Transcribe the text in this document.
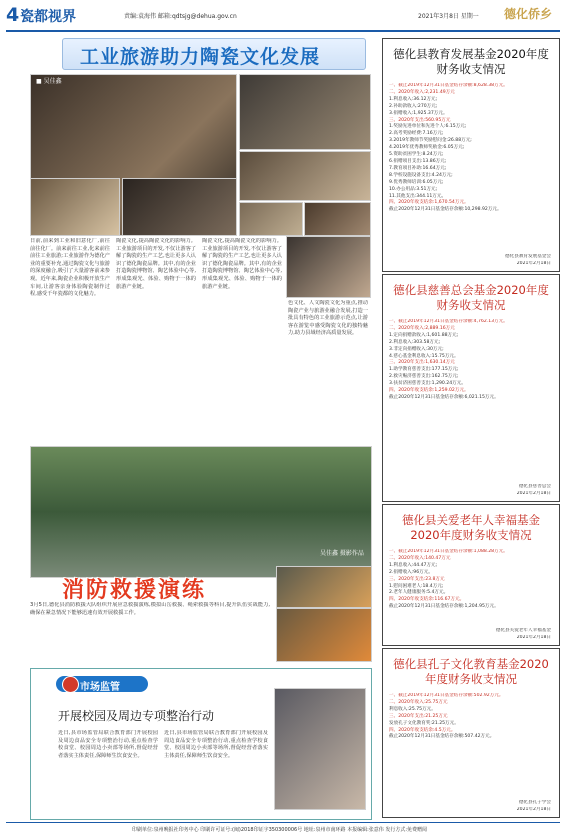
4 瓷都视界	责编:袁海伟 邮箱:qdtsjg@dehua.gov.cn	2021年3月8日 星期一 德化侨乡
工业旅游助力陶瓷文化发展
■ 吴佳鑫
日前,前来到工业和旧意化厂,前往前往化厂。前来前往工业,化来前往前往工业旅游;工业旅游作为德化产业的重要补充,通过陶瓷文化与旅游的深度融合,吸引了大量游客前来参观。近年来,陶瓷企业积极开放生产车间,让游客亲身体验陶瓷制作过程,感受千年瓷都的文化魅力。
陶瓷文化,提高陶瓷文化的影响力。工业旅游项目的开发,不仅让游客了解了陶瓷的生产工艺,也让更多人认识了德化陶瓷品牌。其中,有的企业打造陶瓷博物馆、陶艺体验中心等,形成集观光、体验、购物于一体的旅游产业链。
陶瓷文化,提高陶瓷文化的影响力。工业旅游项目的开发,不仅让游客了解了陶瓷的生产工艺,也让更多人认识了德化陶瓷品牌。其中,有的企业打造陶瓷博物馆、陶艺体验中心等,形成集观光、体验、购物于一体的旅游产业链。
色文化、人文陶瓷文化为重点,推动陶瓷产业与旅游业融合发展,打造一批具有特色的工业旅游示范点,让游客在游览中感受陶瓷文化的独特魅力,助力县域经济高质量发展。
吴佳鑫 摄影作品
消防救援演练
3月5日,德化县消防救援大队组织开展应急救援演练,模拟山岳救援、绳索救援等科目,提升队伍实战能力,确保在紧急情况下能够迅速有效开展救援工作。
市场监管
开展校园及周边专项整治行动
近日,县市场监管局联合教育部门开展校园及周边食品安全专项整治行动,重点检查学校食堂、校园周边小卖部等场所,督促经营者落实主体责任,保障师生饮食安全。
近日,县市场监管局联合教育部门开展校园及周边食品安全专项整治行动,重点检查学校食堂、校园周边小卖部等场所,督促经营者落实主体责任,保障师生饮食安全。
德化县教育发展基金2020年度财务收支情况
一、截止2019年12月31日基金结存余额:8,628.38万元。
二、2020年收入:2,231.49万元
1.利息收入:36.12万元;
2.补助款收入:270万元;
3.捐赠收入:1,925.37万元。
三、2020年支出:560.95万元
1.奖励先进单位和先进个人:6.15万元;
2.高考奖励经费:7.16万元;
3.2019年教师节奖励慰问金:26.88万元;
4.2019年优秀教师奖励金:6.05万元;
5.资助贫困学生:8.24万元;
6.捐赠项目支出:13.86万元;
7.教育项目补助:16.64万元;
8.学校设施设备支出:4.24万元;
9.优秀教师培训:6.05万元;
10.办公用品:3.51万元;
11.其他支出:344.11万元。
四、2020年收支结余:1,670.54万元。
截止2020年12月31日基金结存余额:10,298.92万元。
德化县教育发展基金会
2021年2月18日
德化县慈善总会基金2020年度财务收支情况
一、截止2019年12月31日基金结存余额:4,762.13万元。
二、2020年收入:2,889.16万元
1.定向捐赠款收入:1,601.88万元;
2.利息收入:303.58万元;
3.非定向捐赠收入:30万元;
4.慈心基金利息收入:15.75万元。
三、2020年支出:1,630.14万元
1.助学教育慈善支出:177.15万元;
2.救灾赈济慈善支出:162.75万元;
3.扶贫济困慈善支出:1,290.24万元。
四、2020年收支结余:1,259.02万元。
截止2020年12月31日基金结存余额:6,021.15万元。
德化县慈善总会
2021年2月18日
德化县关爱老年人幸福基金2020年度财务收支情况
一、截止2019年12月31日基金结存余额:1,088.28万元。
二、2020年收入:140.47万元
1.利息收入:44.47万元;
2.捐赠收入:96万元。
三、2020年支出:23.8万元
1.慰问困难老人:18.4万元;
2.老年人健康服务:5.4万元。
四、2020年收支结余:116.67万元。
截止2020年12月31日基金结存余额:1,204.95万元。
德化县关爱老年人幸福基金
2021年2月18日
德化县孔子文化教育基金2020年度财务收支情况
一、截止2019年12月31日基金结存余额:502.92万元。
二、2020年收入:25.75万元
利息收入:25.75万元。
三、2020年支出:21.25万元
发放孔子文化教育奖:21.25万元。
四、2020年收支结余:4.5万元。
截止2020年12月31日基金结存余额:507.42万元。
德化县孔子学会
2021年2月18日
印刷单位:泉州晚报社印务中心 印刷许可证号:(闽)2018印证字350300006号 地址:泉州市南环路 本报编辑:张意伟 发行方式:免费赠阅
